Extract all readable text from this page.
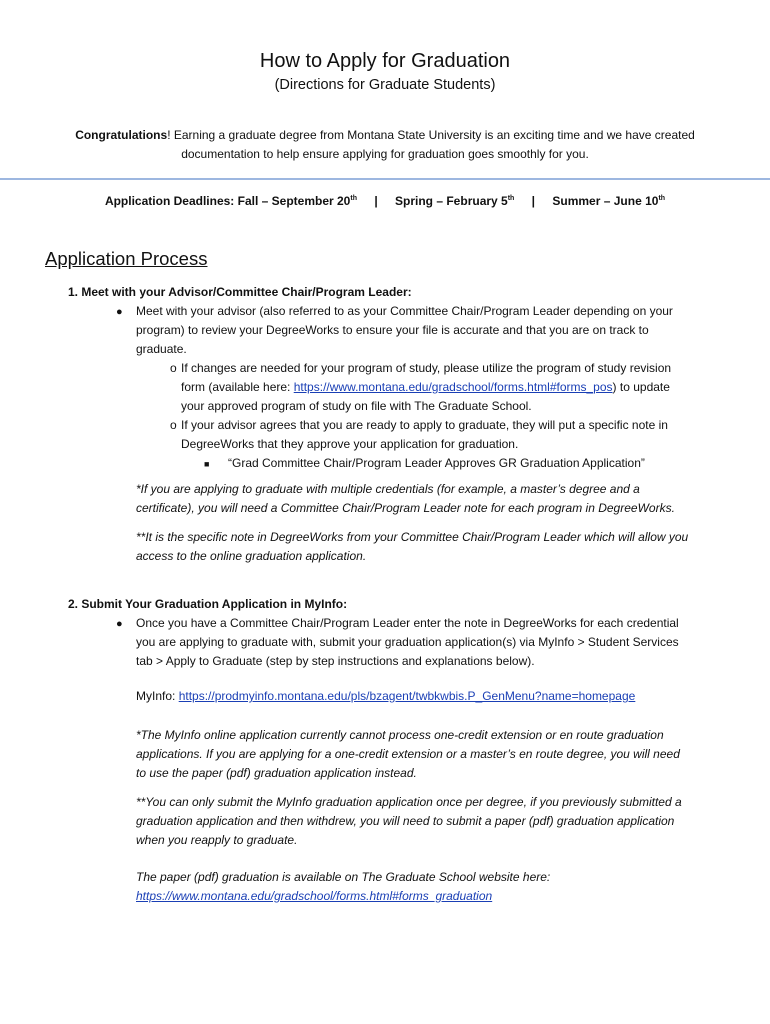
How to Apply for Graduation
(Directions for Graduate Students)
Congratulations! Earning a graduate degree from Montana State University is an exciting time and we have created
documentation to help ensure applying for graduation goes smoothly for you.
Application Deadlines: Fall – September 20th | Spring – February 5th | Summer – June 10th
Application Process
1. Meet with your Advisor/Committee Chair/Program Leader:
● Meet with your advisor (also referred to as your Committee Chair/Program Leader depending on your
program) to review your DegreeWorks to ensure your file is accurate and that you are on track to
graduate.
o If changes are needed for your program of study, please utilize the program of study revision
form (available here: https://www.montana.edu/gradschool/forms.html#forms_pos) to update
your approved program of study on file with The Graduate School.
o If your advisor agrees that you are ready to apply to graduate, they will put a specific note in
DegreeWorks that they approve your application for graduation.
■ “Grad Committee Chair/Program Leader Approves GR Graduation Application”
*If you are applying to graduate with multiple credentials (for example, a master’s degree and a
certificate), you will need a Committee Chair/Program Leader note for each program in DegreeWorks.
**It is the specific note in DegreeWorks from your Committee Chair/Program Leader which will allow you
access to the online graduation application.
2. Submit Your Graduation Application in MyInfo:
● Once you have a Committee Chair/Program Leader enter the note in DegreeWorks for each credential
you are applying to graduate with, submit your graduation application(s) via MyInfo > Student Services
tab > Apply to Graduate (step by step instructions and explanations below).
MyInfo: https://prodmyinfo.montana.edu/pls/bzagent/twbkwbis.P_GenMenu?name=homepage
*The MyInfo online application currently cannot process one-credit extension or en route graduation
applications. If you are applying for a one-credit extension or a master’s en route degree, you will need
to use the paper (pdf) graduation application instead.
**You can only submit the MyInfo graduation application once per degree, if you previously submitted a
graduation application and then withdrew, you will need to submit a paper (pdf) graduation application
when you reapply to graduate.
The paper (pdf) graduation is available on The Graduate School website here:
https://www.montana.edu/gradschool/forms.html#forms_graduation
